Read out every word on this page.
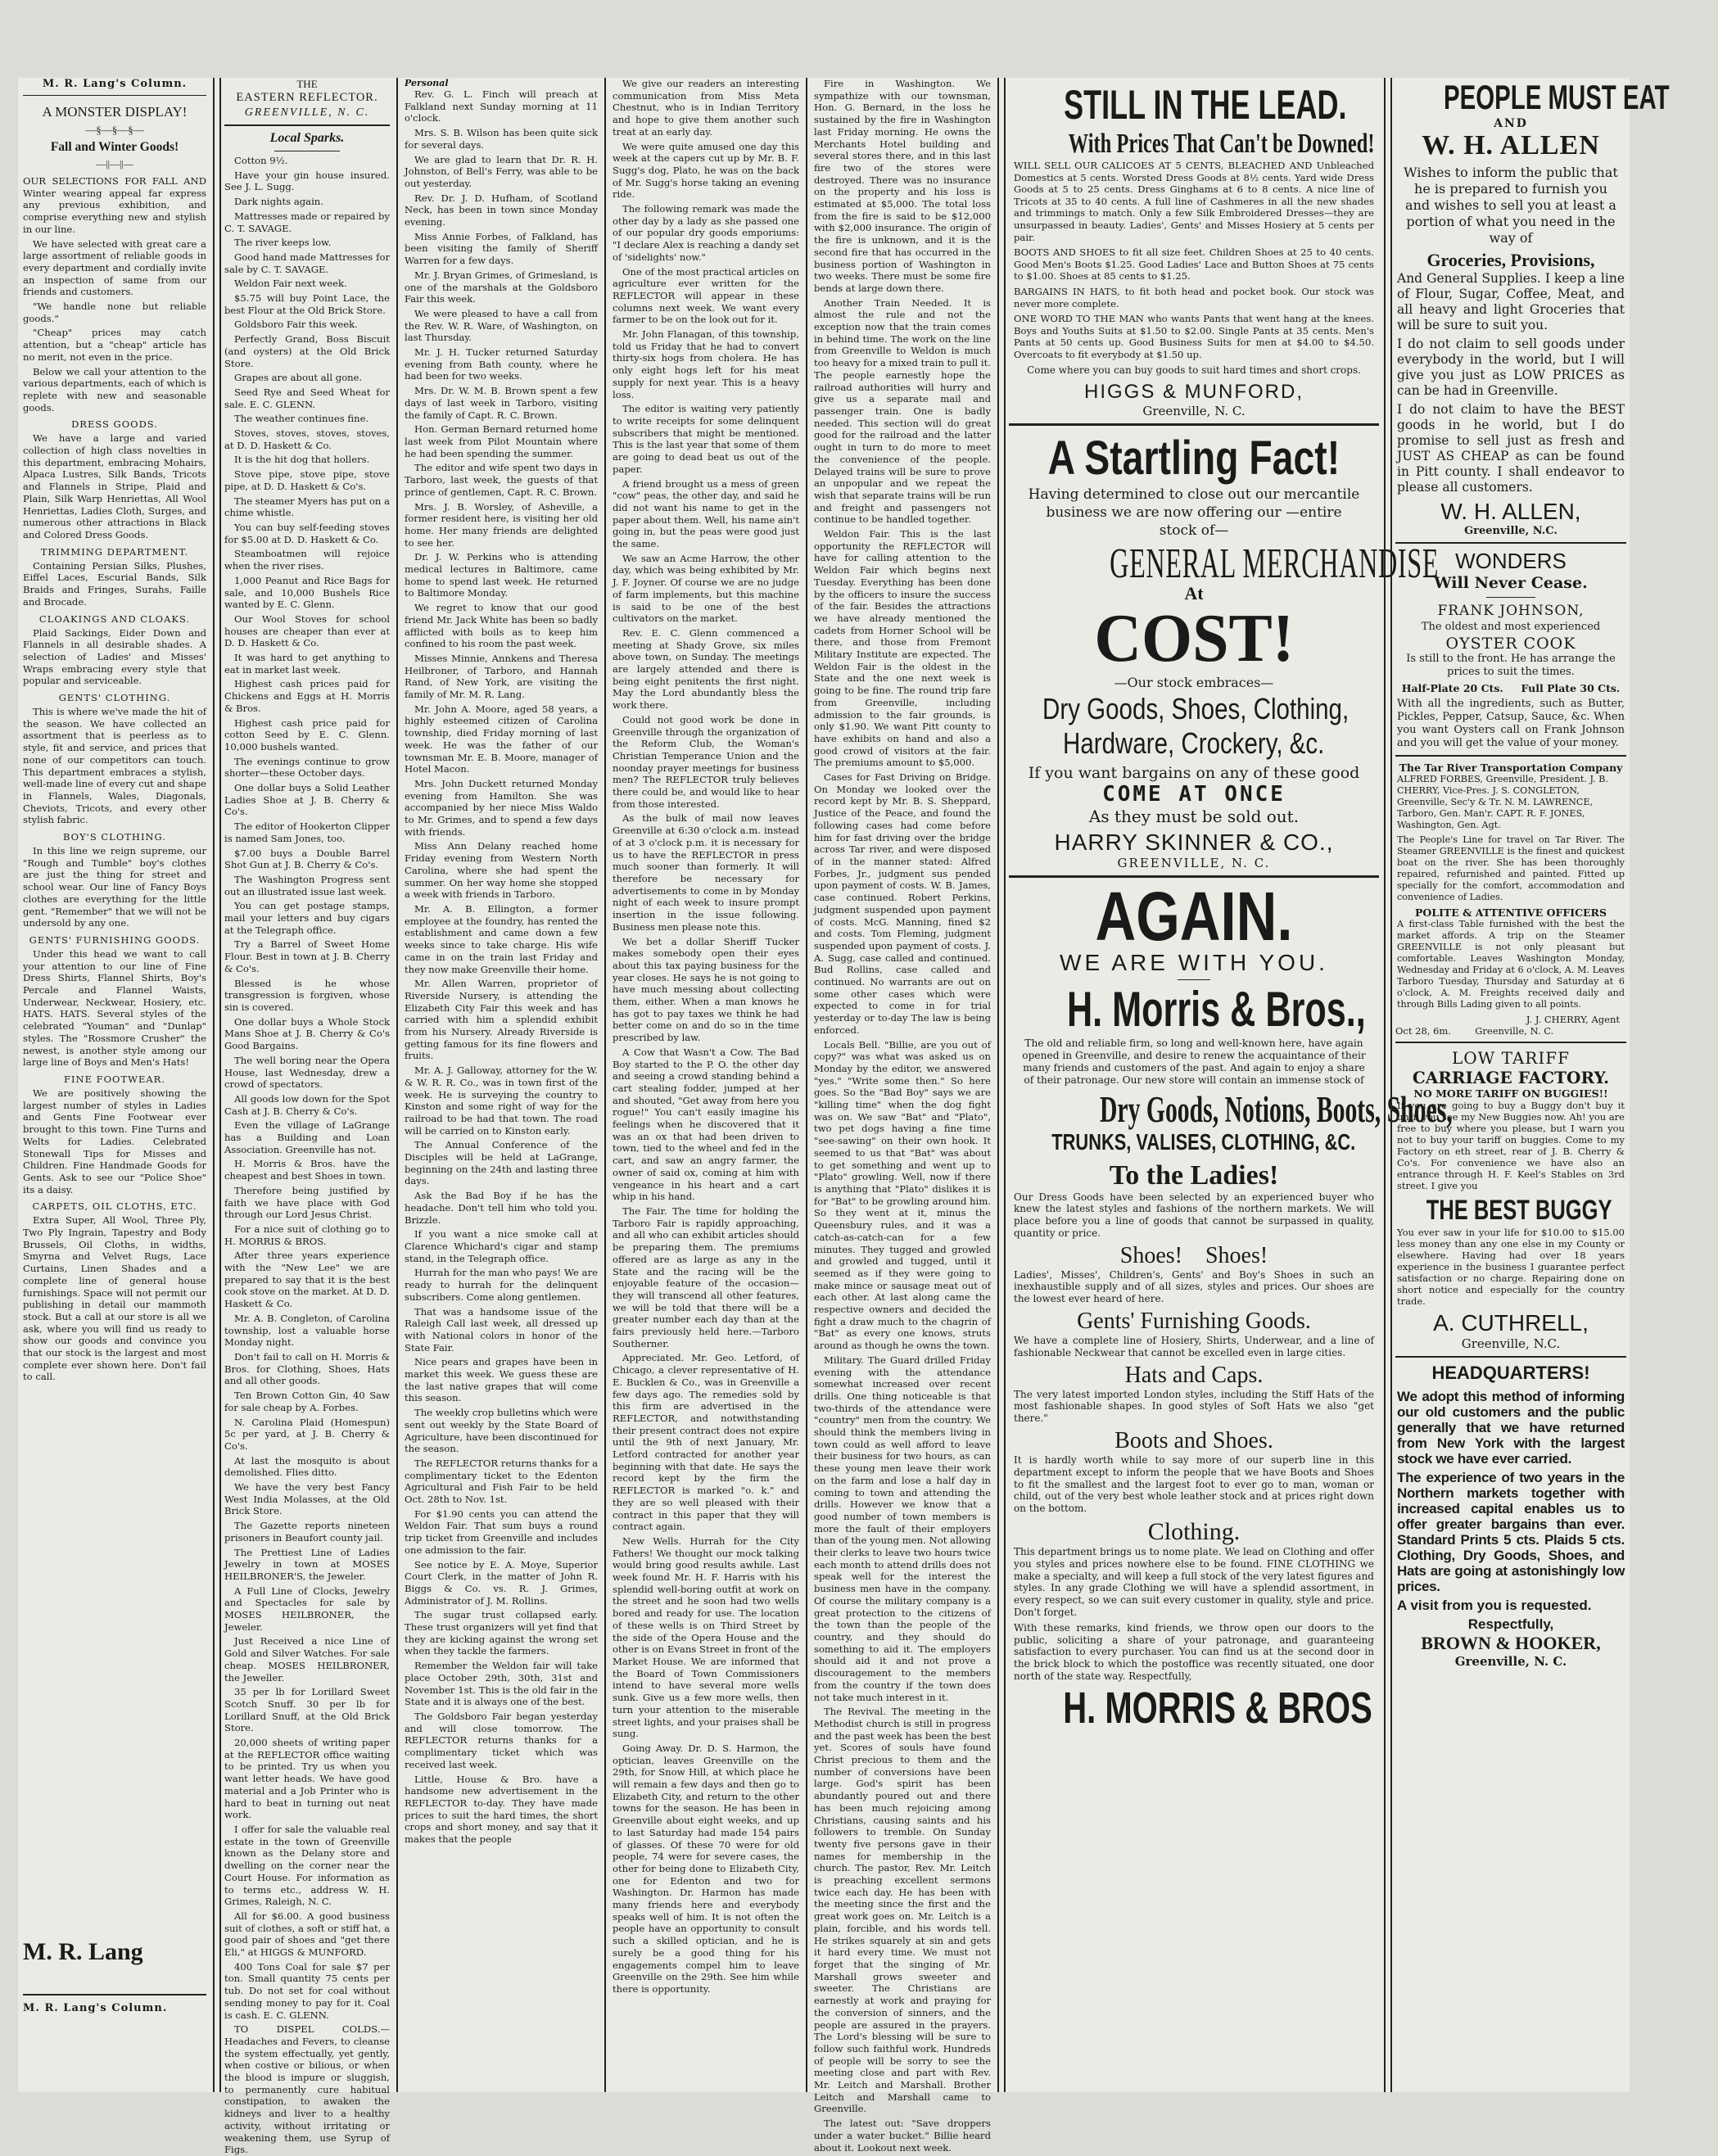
M. R. Lang's Column.
A MONSTER DISPLAY!
—§—§—§—
Fall and Winter Goods!
—||—||—

OUR SELECTIONS FOR FALL AND Winter wearing appeal far express any previous exhibition, and comprise everything new and stylish in our line.

We have selected with great care a large assortment of reliable goods in every department and cordially invite an inspection of same from our friends and customers.

"We handle none but reliable goods."

"Cheap" prices may catch attention, but a "cheap" article has no merit, not even in the price.

Below we call your attention to the various departments, each of which is replete with new and seasonable goods.

DRESS GOODS.

We have a large and varied collection of high class novelties in this department, embracing Mohairs, Alpaca Lustres, Silk Bands, Tricots and Flannels in Stripe, Plaid and Plain, Silk Warp Henriettas, All Wool Henriettas, Ladies Cloth, Surges, and numerous other attractions in Black and Colored Dress Goods.

TRIMMING DEPARTMENT.

Containing Persian Silks, Plushes, Eiffel Laces, Escurial Bands, Silk Braids and Fringes, Surahs, Faille and Brocade.

CLOAKINGS AND CLOAKS.

Plaid Sackings, Eider Down and Flannels in all desirable shades. A selection of Ladies' and Misses' Wraps embracing every style that popular and serviceable.

GENTS' CLOTHING.

This is where we've made the hit of the season. We have collected an assortment that is peerless as to style, fit and service, and prices that none of our competitors can touch. This department embraces a stylish, well-made line of every cut and shape in Flannels, Wales, Diagonals, Cheviots, Tricots, and every other stylish fabric.

BOY'S CLOTHING.

In this line we reign supreme, our "Rough and Tumble" boy's clothes are just the thing for street and school wear. Our line of Fancy Boys clothes are everything for the little gent. "Remember" that we will not be undersold by any one.

GENTS' FURNISHING GOODS.

Under this head we want to call your attention to our line of Fine Dress Shirts, Flannel Shirts, Boy's Percale and Flannel Waists, Underwear, Neckwear, Hosiery, etc. HATS. HATS. Several styles of the celebrated "Youman" and "Dunlap" styles. The "Rossmore Crusher" the newest, is another style among our large line of Boys and Men's Hats!

FINE FOOTWEAR.

We are positively showing the largest number of styles in Ladies and Gents Fine Footwear ever brought to this town. Fine Turns and Welts for Ladies. Celebrated Stonewall Tips for Misses and Children. Fine Handmade Goods for Gents. Ask to see our "Police Shoe" its a daisy.

CARPETS, OIL CLOTHS, ETC.

Extra Super, All Wool, Three Ply, Two Ply Ingrain, Tapestry and Body Brussels, Oil Cloths, in widths, Smyrna and Velvet Rugs, Lace Curtains, Linen Shades and a complete line of general house furnishings. Space will not permit our publishing in detail our mammoth stock. But a call at our store is all we ask, where you will find us ready to show our goods and convince you that our stock is the largest and most complete ever shown here. Don't fail to call.

M. R. Lang
M. R. Lang's Column.
THE
EASTERN REFLECTOR.
GREENVILLE, N. C.
Local Sparks.

Cotton 9½.

Have your gin house insured. See J. L. Sugg.

Dark nights again.

Mattresses made or repaired by C. T. SAVAGE.

The river keeps low.

Good hand made Mattresses for sale by C. T. SAVAGE.

Weldon Fair next week.

$5.75 will buy Point Lace, the best Flour at the Old Brick Store.

Goldsboro Fair this week.

Perfectly Grand, Boss Biscuit (and oysters) at the Old Brick Store.

Grapes are about all gone.

Seed Rye and Seed Wheat for sale. E. C. GLENN.

The weather continues fine.

Stoves, stoves, stoves, stoves, at D. D. Haskett & Co.

It is the hit dog that hollers.

Stove pipe, stove pipe, stove pipe, at D. D. Haskett & Co's.

The steamer Myers has put on a chime whistle.

You can buy self-feeding stoves for $5.00 at D. D. Haskett & Co.

Steamboatmen will rejoice when the river rises.

1,000 Peanut and Rice Bags for sale, and 10,000 Bushels Rice wanted by E. C. Glenn.

Our Wool Stoves for school houses are cheaper than ever at D. D. Haskett & Co.

It was hard to get anything to eat in market last week.

Highest cash prices paid for Chickens and Eggs at H. Morris & Bros.

Highest cash price paid for cotton Seed by E. C. Glenn. 10,000 bushels wanted.

The evenings continue to grow shorter—these October days.

One dollar buys a Solid Leather Ladies Shoe at J. B. Cherry & Co's.

The editor of Hookerton Clipper is named Sam Jones, too.

$7.00 buys a Double Barrel Shot Gun at J. B. Cherry & Co's.

The Washington Progress sent out an illustrated issue last week.

You can get postage stamps, mail your letters and buy cigars at the Telegraph office.

Try a Barrel of Sweet Home Flour. Best in town at J. B. Cherry & Co's.

Blessed is he whose transgression is forgiven, whose sin is covered.

One dollar buys a Whole Stock Mans Shoe at J. B. Cherry & Co's Good Bargains.

The well boring near the Opera House, last Wednesday, drew a crowd of spectators.

All goods low down for the Spot Cash at J. B. Cherry & Co's.

Even the village of LaGrange has a Building and Loan Association. Greenville has not.

H. Morris & Bros. have the cheapest and best Shoes in town.

Therefore being justified by faith we have place with God through our Lord Jesus Christ.

For a nice suit of clothing go to H. MORRIS & BROS.

After three years experience with the "New Lee" we are prepared to say that it is the best cook stove on the market. At D. D. Haskett & Co.

Mr. A. B. Congleton, of Carolina township, lost a valuable horse Monday night.

Don't fail to call on H. Morris & Bros. for Clothing, Shoes, Hats and all other goods.

Ten Brown Cotton Gin, 40 Saw for sale cheap by A. Forbes.

N. Carolina Plaid (Homespun) 5c per yard, at J. B. Cherry & Co's.

At last the mosquito is about demolished. Flies ditto.

We have the very best Fancy West India Molasses, at the Old Brick Store.

The Gazette reports nineteen prisoners in Beaufort county jail.

The Prettiest Line of Ladies Jewelry in town at MOSES HEILBRONER'S, the Jeweler.

A Full Line of Clocks, Jewelry and Spectacles for sale by MOSES HEILBRONER, the Jeweler.

Just Received a nice Line of Gold and Silver Watches. For sale cheap. MOSES HEILBRONER, the Jeweller.

35 per lb for Lorillard Sweet Scotch Snuff. 30 per lb for Lorillard Snuff, at the Old Brick Store.

20,000 sheets of writing paper at the REFLECTOR office waiting to be printed. Try us when you want letter heads. We have good material and a Job Printer who is hard to beat in turning out neat work.

I offer for sale the valuable real estate in the town of Greenville known as the Delany store and dwelling on the corner near the Court House. For information as to terms etc., address W. H. Grimes, Raleigh, N. C.

All for $6.00. A good business suit of clothes, a soft or stiff hat, a good pair of shoes and "get there Eli," at HIGGS & MUNFORD.

400 Tons Coal for sale $7 per ton. Small quantity 75 cents per tub. Do not set for coal without sending money to pay for it. Coal is cash. E. C. GLENN.

TO DISPEL COLDS.—Headaches and Fevers, to cleanse the system effectually, yet gently, when costive or bilious, or when the blood is impure or sluggish, to permanently cure habitual constipation, to awaken the kidneys and liver to a healthy activity, without irritating or weakening them, use Syrup of Figs.

Personal

Rev. G. L. Finch will preach at Falkland next Sunday morning at 11 o'clock.

Mrs. S. B. Wilson has been quite sick for several days.

We are glad to learn that Dr. R. H. Johnston, of Bell's Ferry, was able to be out yesterday.

Rev. Dr. J. D. Hufham, of Scotland Neck, has been in town since Monday evening.

Miss Annie Forbes, of Falkland, has been visiting the family of Sheriff Warren for a few days.

Mr. J. Bryan Grimes, of Grimesland, is one of the marshals at the Goldsboro Fair this week.

We were pleased to have a call from the Rev. W. R. Ware, of Washington, on last Thursday.

Mr. J. H. Tucker returned Saturday evening from Bath county, where he had been for two weeks.

Mrs. Dr. W. M. B. Brown spent a few days of last week in Tarboro, visiting the family of Capt. R. C. Brown.

Hon. German Bernard returned home last week from Pilot Mountain where he had been spending the summer.

The editor and wife spent two days in Tarboro, last week, the guests of that prince of gentlemen, Capt. R. C. Brown.

Mrs. J. B. Worsley, of Asheville, a former resident here, is visiting her old home. Her many friends are delighted to see her.

Dr. J. W. Perkins who is attending medical lectures in Baltimore, came home to spend last week. He returned to Baltimore Monday.

We regret to know that our good friend Mr. Jack White has been so badly afflicted with boils as to keep him confined to his room the past week.

Misses Minnie, Annkens and Theresa Heilbroner, of Tarboro, and Hannah Rand, of New York, are visiting the family of Mr. M. R. Lang.

Mr. John A. Moore, aged 58 years, a highly esteemed citizen of Carolina township, died Friday morning of last week. He was the father of our townsman Mr. E. B. Moore, manager of Hotel Macon.

Mrs. John Duckett returned Monday evening from Hamilton. She was accompanied by her niece Miss Waldo to Mr. Grimes, and to spend a few days with friends.

Miss Ann Delany reached home Friday evening from Western North Carolina, where she had spent the summer. On her way home she stopped a week with friends in Tarboro.

Mr. A. B. Ellington, a former employee at the foundry, has rented the establishment and came down a few weeks since to take charge. His wife came in on the train last Friday and they now make Greenville their home.

Mr. Allen Warren, proprietor of Riverside Nursery, is attending the Elizabeth City Fair this week and has carried with him a splendid exhibit from his Nursery. Already Riverside is getting famous for its fine flowers and fruits.

Mr. A. J. Galloway, attorney for the W. & W. R. R. Co., was in town first of the week. He is surveying the country to Kinston and some right of way for the railroad to be had that town. The road will be carried on to Kinston early.

The Annual Conference of the Disciples will be held at LaGrange, beginning on the 24th and lasting three days.

Ask the Bad Boy if he has the headache. Don't tell him who told you. Brizzle.

If you want a nice smoke call at Clarence Whichard's cigar and stamp stand, in the Telegraph office.

Hurrah for the man who pays! We are ready to hurrah for the delinquent subscribers. Come along gentlemen.

That was a handsome issue of the Raleigh Call last week, all dressed up with National colors in honor of the State Fair.

Nice pears and grapes have been in market this week. We guess these are the last native grapes that will come this season.

The weekly crop bulletins which were sent out weekly by the State Board of Agriculture, have been discontinued for the season.

The REFLECTOR returns thanks for a complimentary ticket to the Edenton Agricultural and Fish Fair to be held Oct. 28th to Nov. 1st.

For $1.90 cents you can attend the Weldon Fair. That sum buys a round trip ticket from Greenville and includes one admission to the fair.

See notice by E. A. Moye, Superior Court Clerk, in the matter of John R. Biggs & Co. vs. R. J. Grimes, Administrator of J. M. Rollins.

The sugar trust collapsed early. These trust organizers will yet find that they are kicking against the wrong set when they tackle the farmers.

Remember the Weldon fair will take place October 29th, 30th, 31st and November 1st. This is the old fair in the State and it is always one of the best.

The Goldsboro Fair began yesterday and will close tomorrow. The REFLECTOR returns thanks for a complimentary ticket which was received last week.

Little, House & Bro. have a handsome new advertisement in the REFLECTOR to-day. They have made prices to suit the hard times, the short crops and short money, and say that it makes that the people

We give our readers an interesting communication from Miss Meta Chestnut, who is in Indian Territory and hope to give them another such treat at an early day.

We were quite amused one day this week at the capers cut up by Mr. B. F. Sugg's dog, Plato, he was on the back of Mr. Sugg's horse taking an evening ride.

The following remark was made the other day by a lady as she passed one of our popular dry goods emporiums: "I declare Alex is reaching a dandy set of 'sidelights' now."

One of the most practical articles on agriculture ever written for the REFLECTOR will appear in these columns next week. We want every farmer to be on the look out for it.

Mr. John Flanagan, of this township, told us Friday that he had to convert thirty-six hogs from cholera. He has only eight hogs left for his meat supply for next year. This is a heavy loss.

The editor is waiting very patiently to write receipts for some delinquent subscribers that might be mentioned. This is the last year that some of them are going to dead beat us out of the paper.

A friend brought us a mess of green "cow" peas, the other day, and said he did not want his name to get in the paper about them. Well, his name ain't going in, but the peas were good just the same.

We saw an Acme Harrow, the other day, which was being exhibited by Mr. J. F. Joyner. Of course we are no judge of farm implements, but this machine is said to be one of the best cultivators on the market.

Rev. E. C. Glenn commenced a meeting at Shady Grove, six miles above town, on Sunday. The meetings are largely attended and there is being eight penitents the first night. May the Lord abundantly bless the work there.

Could not good work be done in Greenville through the organization of the Reform Club, the Woman's Christian Temperance Union and the noonday prayer meetings for business men? The REFLECTOR truly believes there could be, and would like to hear from those interested.

As the bulk of mail now leaves Greenville at 6:30 o'clock a.m. instead of at 3 o'clock p.m. it is necessary for us to have the REFLECTOR in press much sooner than formerly. It will therefore be necessary for advertisements to come in by Monday night of each week to insure prompt insertion in the issue following. Business men please note this.

We bet a dollar Sheriff Tucker makes somebody open their eyes about this tax paying business for the year closes. He says he is not going to have much messing about collecting them, either. When a man knows he has got to pay taxes we think he had better come on and do so in the time prescribed by law.

A Cow that Wasn't a Cow. The Bad Boy started to the P. O. the other day and seeing a crowd standing behind a cart stealing fodder, jumped at her and shouted, "Get away from here you rogue!" You can't easily imagine his feelings when he discovered that it was an ox that had been driven to town, tied to the wheel and fed in the cart, and saw an angry farmer, the owner of said ox, coming at him with vengeance in his heart and a cart whip in his hand.

The Fair. The time for holding the Tarboro Fair is rapidly approaching, and all who can exhibit articles should be preparing them. The premiums offered are as large as any in the State and the racing will be the enjoyable feature of the occasion—they will transcend all other features, we will be told that there will be a greater number each day than at the fairs previously held here.—Tarboro Southerner.

Appreciated. Mr. Geo. Letford, of Chicago, a clever representative of H. E. Bucklen & Co., was in Greenville a few days ago. The remedies sold by this firm are advertised in the REFLECTOR, and notwithstanding their present contract does not expire until the 9th of next January, Mr. Letford contracted for another year beginning with that date. He says the record kept by the firm the REFLECTOR is marked "o. k." and they are so well pleased with their contract in this paper that they will contract again.

New Wells. Hurrah for the City Fathers! We thought our mock talking would bring good results awhile. Last week found Mr. H. F. Harris with his splendid well-boring outfit at work on the street and he soon had two wells bored and ready for use. The location of these wells is on Third Street by the side of the Opera House and the other is on Evans Street in front of the Market House. We are informed that the Board of Town Commissioners intend to have several more wells sunk. Give us a few more wells, then turn your attention to the miserable street lights, and your praises shall be sung.

Going Away. Dr. D. S. Harmon, the optician, leaves Greenville on the 29th, for Snow Hill, at which place he will remain a few days and then go to Elizabeth City, and return to the other towns for the season. He has been in Greenville about eight weeks, and up to last Saturday had made 154 pairs of glasses. Of these 70 were for old people, 74 were for severe cases, the other for being done to Elizabeth City, one for Edenton and two for Washington. Dr. Harmon has made many friends here and everybody speaks well of him. It is not often the people have an opportunity to consult such a skilled optician, and he is surely be a good thing for his engagements compel him to leave Greenville on the 29th. See him while there is opportunity.

Fire in Washington. We sympathize with our townsman, Hon. G. Bernard, in the loss he sustained by the fire in Washington last Friday morning. He owns the Merchants Hotel building and several stores there, and in this last fire two of the stores were destroyed. There was no insurance on the property and his loss is estimated at $5,000. The total loss from the fire is said to be $12,000 with $2,000 insurance. The origin of the fire is unknown, and it is the second fire that has occurred in the business portion of Washington in two weeks. There must be some fire bends at large down there.

Another Train Needed. It is almost the rule and not the exception now that the train comes in behind time. The work on the line from Greenville to Weldon is much too heavy for a mixed train to pull it. The people earnestly hope the railroad authorities will hurry and give us a separate mail and passenger train. One is badly needed. This section will do great good for the railroad and the latter ought in turn to do more to meet the convenience of the people. Delayed trains will be sure to prove an unpopular and we repeat the wish that separate trains will be run and freight and passengers not continue to be handled together.

Weldon Fair. This is the last opportunity the REFLECTOR will have for calling attention to the Weldon Fair which begins next Tuesday. Everything has been done by the officers to insure the success of the fair. Besides the attractions we have already mentioned the cadets from Horner School will be there, and those from Fremont Military Institute are expected. The Weldon Fair is the oldest in the State and the one next week is going to be fine. The round trip fare from Greenville, including admission to the fair grounds, is only $1.90. We want Pitt county to have exhibits on hand and also a good crowd of visitors at the fair. The premiums amount to $5,000.

Cases for Fast Driving on Bridge. On Monday we looked over the record kept by Mr. B. S. Sheppard, Justice of the Peace, and found the following cases had come before him for fast driving over the bridge across Tar river, and were disposed of in the manner stated: Alfred Forbes, Jr., judgment sus pended upon payment of costs. W. B. James, case continued. Robert Perkins, judgment suspended upon payment of costs. McG. Manning, fined $2 and costs. Tom Fleming, judgment suspended upon payment of costs. J. A. Sugg, case called and continued. Bud Rollins, case called and continued. No warrants are out on some other cases which were expected to come in for trial yesterday or to-day The law is being enforced.

Locals Bell. "Billie, are you out of copy?" was what was asked us on Monday by the editor, we answered "yes." "Write some then." So here goes. So the "Bad Boy" says we are "killing time" when the dog fight was on. We saw "Bat" and "Plato", two pet dogs having a fine time "see-sawing" on their own hook. It seemed to us that "Bat" was about to get something and went up to "Plato" growling. Well, now if there is anything that "Plato" dislikes it is for "Bat" to be growling around him. So they went at it, minus the Queensbury rules, and it was a catch-as-catch-can for a few minutes. They tugged and growled and growled and tugged, until it seemed as if they were going to make mince or sausage meat out of each other. At last along came the respective owners and decided the fight a draw much to the chagrin of "Bat" as every one knows, struts around as though he owns the town.

Military. The Guard drilled Friday evening with the attendance somewhat increased over recent drills. One thing noticeable is that two-thirds of the attendance were "country" men from the country. We should think the members living in town could as well afford to leave their business for two hours, as can these young men leave their work on the farm and lose a half day in coming to town and attending the drills. However we know that a good number of town members is more the fault of their employers than of the young men. Not allowing their clerks to leave two hours twice each month to attend drills does not speak well for the interest the business men have in the company. Of course the military company is a great protection to the citizens of the town than the people of the country, and they should do something to aid it. The employers should aid it and not prove a discouragement to the members from the country if the town does not take much interest in it.

The Revival. The meeting in the Methodist church is still in progress and the past week has been the best yet. Scores of souls have found Christ precious to them and the number of conversions have been large. God's spirit has been abundantly poured out and there has been much rejoicing among Christians, causing saints and his followers to tremble. On Sunday twenty five persons gave in their names for membership in the church. The pastor, Rev. Mr. Leitch is preaching excellent sermons twice each day. He has been with the meeting since the first and the great work goes on. Mr. Leitch is a plain, forcible, and his words tell. He strikes squarely at sin and gets it hard every time. We must not forget that the singing of Mr. Marshall grows sweeter and sweeter. The Christians are earnestly at work and praying for the conversion of sinners, and the people are assured in the prayers. The Lord's blessing will be sure to follow such faithful work. Hundreds of people will be sorry to see the meeting close and part with Rev. Mr. Leitch and Marshall. Brother Leitch and Marshall came to Greenville.

The latest out: "Save droppers under a water bucket." Billie heard about it. Lookout next week.

STILL IN THE LEAD.
With Prices That Can't be Downed!

WILL SELL OUR CALICOES AT 5 CENTS, BLEACHED AND Unbleached Domestics at 5 cents. Worsted Dress Goods at 8½ cents. Yard wide Dress Goods at 5 to 25 cents. Dress Ginghams at 6 to 8 cents. A nice line of Tricots at 35 to 40 cents. A full line of Cashmeres in all the new shades and trimmings to match. Only a few Silk Embroidered Dresses—they are unsurpassed in beauty. Ladies', Gents' and Misses Hosiery at 5 cents per pair.

BOOTS AND SHOES to fit all size feet. Children Shoes at 25 to 40 cents. Good Men's Boots $1.25. Good Ladies' Lace and Button Shoes at 75 cents to $1.00. Shoes at 85 cents to $1.25.

BARGAINS IN HATS, to fit both head and pocket book. Our stock was never more complete.

ONE WORD TO THE MAN who wants Pants that went hang at the knees. Boys and Youths Suits at $1.50 to $2.00. Single Pants at 35 cents. Men's Pants at 50 cents up. Good Business Suits for men at $4.00 to $4.50. Overcoats to fit everybody at $1.50 up.

Come where you can buy goods to suit hard times and short crops.
HIGGS & MUNFORD,
Greenville, N. C.
A Startling Fact!
Having determined to close out our mercantile business we are now offering our —entire stock of—
GENERAL MERCHANDISE
At
COST!
—Our stock embraces—
Dry Goods, Shoes, Clothing,
Hardware, Crockery, &c.
If you want bargains on any of these good
COME AT ONCE
As they must be sold out.
HARRY SKINNER & CO.,
GREENVILLE, N. C.
AGAIN.
WE ARE WITH YOU.
H. Morris & Bros.,

The old and reliable firm, so long and well-known here, have again opened in Greenville, and desire to renew the acquaintance of their many friends and customers of the past. And again to enjoy a share of their patronage. Our new store will contain an immense stock of

Dry Goods, Notions, Boots, Shoes,
TRUNKS, VALISES, CLOTHING, &C.
To the Ladies!

Our Dress Goods have been selected by an experienced buyer who knew the latest styles and fashions of the northern markets. We will place before you a line of goods that cannot be surpassed in quality, quantity or price.

Shoes!    Shoes!

Ladies', Misses', Children's, Gents' and Boy's Shoes in such an inexhaustible supply and of all sizes, styles and prices. Our shoes are the lowest ever heard of here.

Gents' Furnishing Goods.

We have a complete line of Hosiery, Shirts, Underwear, and a line of fashionable Neckwear that cannot be excelled even in large cities.

Hats and Caps.

The very latest imported London styles, including the Stiff Hats of the most fashionable shapes. In good styles of Soft Hats we also "get there."

Boots and Shoes.

It is hardly worth while to say more of our superb line in this department except to inform the people that we have Boots and Shoes to fit the smallest and the largest foot to ever go to man, woman or child, out of the very best whole leather stock and at prices right down on the bottom.

Clothing.

This department brings us to nome plate. We lead on Clothing and offer you styles and prices nowhere else to be found. FINE CLOTHING we make a specialty, and will keep a full stock of the very latest figures and styles. In any grade Clothing we will have a splendid assortment, in every respect, so we can suit every customer in quality, style and price. Don't forget.

With these remarks, kind friends, we throw open our doors to the public, soliciting a share of your patronage, and guaranteeing satisfaction to every purchaser. You can find us at the second door in the brick block to which the postoffice was recently situated, one door north of the state way. Respectfully,

H. MORRIS & BROS
PEOPLE MUST EAT
AND
W. H. ALLEN
Wishes to inform the public that he is prepared to furnish you and wishes to sell you at least a portion of what you need in the way of
Groceries, Provisions,

And General Supplies. I keep a line of Flour, Sugar, Coffee, Meat, and all heavy and light Groceries that will be sure to suit you.

I do not claim to sell goods under everybody in the world, but I will give you just as LOW PRICES as can be had in Greenville.

I do not claim to have the BEST goods in he world, but I do promise to sell just as fresh and JUST AS CHEAP as can be found in Pitt county. I shall endeavor to please all customers.

W. H. ALLEN,
Greenville, N.C.
WONDERS
Will Never Cease.
FRANK JOHNSON,
The oldest and most experienced
OYSTER COOK

Is still to the front. He has arrange the prices to suit the times.

Half-Plate 20 Cts.     Full Plate 30 Cts.

With all the ingredients, such as Butter, Pickles, Pepper, Catsup, Sauce, &c. When you want Oysters call on Frank Johnson and you will get the value of your money.

The Tar River Transportation Company

ALFRED FORBES, Greenville, President. J. B. CHERRY, Vice-Pres. J. S. CONGLETON, Greenville, Sec'y & Tr. N. M. LAWRENCE, Tarboro, Gen. Man'r. CAPT. R. F. JONES, Washington, Gen. Agt.

The People's Line for travel on Tar River. The Steamer GREENVILLE is the finest and quickest boat on the river. She has been thoroughly repaired, refurnished and painted. Fitted up specially for the comfort, accommodation and convenience of Ladies.

POLITE & ATTENTIVE OFFICERS

A first-class Table furnished with the best the market affords. A trip on the Steamer GREENVILLE is not only pleasant but comfortable. Leaves Washington Monday, Wednesday and Friday at 6 o'clock, A. M. Leaves Tarboro Tuesday, Thursday and Saturday at 6 o'clock, A. M. Freights received daily and through Bills Lading given to all points.

J. J. CHERRY, Agent
Oct 28, 6m.        Greenville, N. C.
LOW TARIFF
CARRIAGE FACTORY.
NO MORE TARIFF ON BUGGIES!!

If you are going to buy a Buggy don't buy it until you see my New Buggies now. Ah! you are free to buy where you please, but I warn you not to buy your tariff on buggies. Come to my Factory on eth street, rear of J. B. Cherry & Co's. For convenience we have also an entrance through H. F. Keel's Stables on 3rd street. I give you

THE BEST BUGGY

You ever saw in your life for $10.00 to $15.00 less money than any one else in my County or elsewhere. Having had over 18 years experience in the business I guarantee perfect satisfaction or no charge. Repairing done on short notice and especially for the country trade.

A. CUTHRELL,
Greenville, N.C.
HEADQUARTERS!

We adopt this method of informing our old customers and the public generally that we have returned from New York with the largest stock we have ever carried.

The experience of two years in the Northern markets together with increased capital enables us to offer greater bargains than ever. Standard Prints 5 cts. Plaids 5 cts. Clothing, Dry Goods, Shoes, and Hats are going at astonishingly low prices.

A visit from you is requested.

Respectfully,
BROWN & HOOKER,
Greenville, N. C.
